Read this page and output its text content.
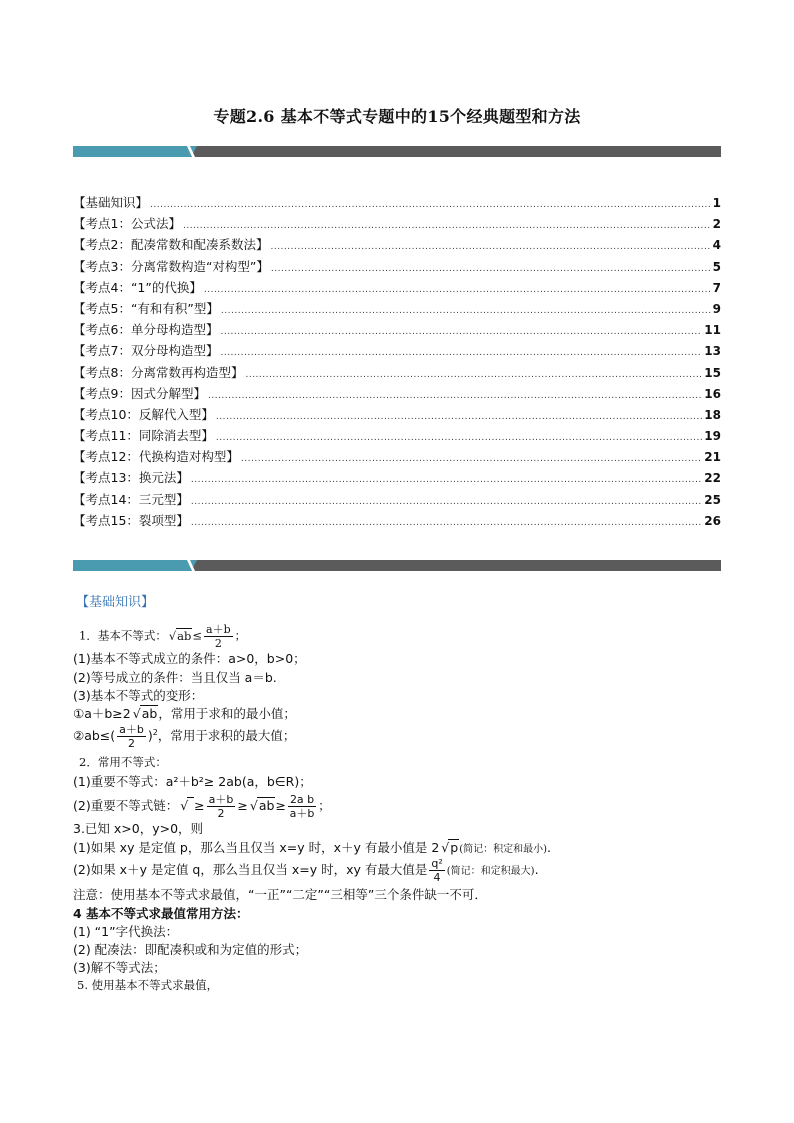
专题2.6 基本不等式专题中的15个经典题型和方法
【基础知识】 .....	1
【考点1：公式法】 .....	2
【考点2：配凑常数和配凑系数法】 .....	4
【考点3：分离常数构造“对构型”】 .....	5
【考点4：“1”的代换】 .....	7
【考点5：“有和有积”型】 .....	9
【考点6：单分母构造型】 .....	11
【考点7：双分母构造型】 .....	13
【考点8：分离常数再构造型】 .....	15
【考点9：因式分解型】 .....	16
【考点10：反解代入型】 .....	18
【考点11：同除消去型】 .....	19
【考点12：代换构造对构型】 .....	21
【考点13：换元法】 .....	22
【考点14：三元型】 .....	25
【考点15：裂项型】 .....	26
【基础知识】
1．基本不等式： √ $ab\le \frac{a+b}{2}$ ；
(1)基本不等式成立的条件：a>0，b>0；
(2)等号成立的条件：当且仅当 a＝b.
(3)基本不等式的变形：
①a＋b≥2 √ ab，常用于求和的最小值；
②ab≤( $\frac{a+b}{2} )^2$，常用于求积的最大值；
2．常用不等式：
(1)重要不等式：a²＋b²≥ 2ab(a，b∈R)；
(2)重要不等式链： √ ≥ $\frac{a+b}{2}$ ≥ √ $ab\ge \frac{\text{2a b}}{a+b}$ ；
3.已知 x>0，y>0，则
(1)如果 xy 是定值 p，那么当且仅当 x=y 时，x＋y 有最小值是 2 √ p(简记：积定和最小).
(2)如果 x＋y 是定值 q，那么当且仅当 x=y 时，xy 有最大值是 $\frac{\text{q²}}{4}$ (简记：和定积最大).
注意：使用基本不等式求最值，“一正”“二定”“三相等”三个条件缺一不可．
4 基本不等式求最值常用方法：
(1) “1”字代换法：
(2) 配凑法：即配凑积或和为定值的形式；
(3)解不等式法；
5. 使用基本不等式求最值，
